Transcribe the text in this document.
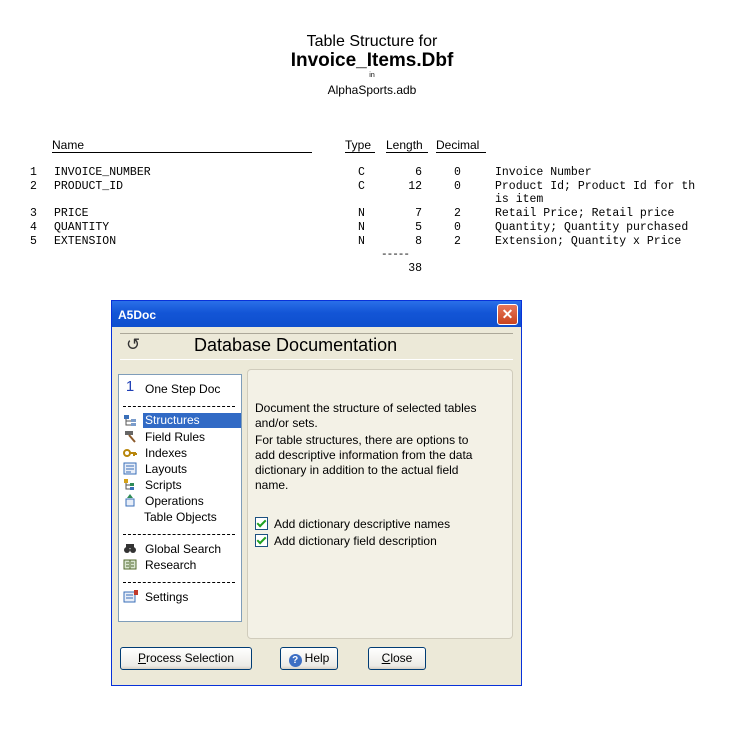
Table Structure for
Invoice_Items.Dbf
in
AlphaSports.adb
Name	Type	Length	Decimal
1 INVOICE_NUMBER	C	6	0	Invoice Number
2 PRODUCT_ID	C	12	0	Product Id; Product Id for th
is item
3 PRICE	N	7	2	Retail Price; Retail price
4 QUANTITY	N	5	0	Quantity; Quantity purchased
5 EXTENSION	N	8	2	Extension; Quantity x Price
-----
38
A5Doc	✕
↺	Database Documentation
1 One Step Doc
Structures
Field Rules
Indexes
Layouts
Scripts
Operations
Table Objects
Global Search
Research
Settings
Document the structure of selected tables and/or sets.
For table structures, there are options to add descriptive information from the data dictionary in addition to the actual field name.
Add dictionary descriptive names
Add dictionary field description
Process Selection	? Help	Close
